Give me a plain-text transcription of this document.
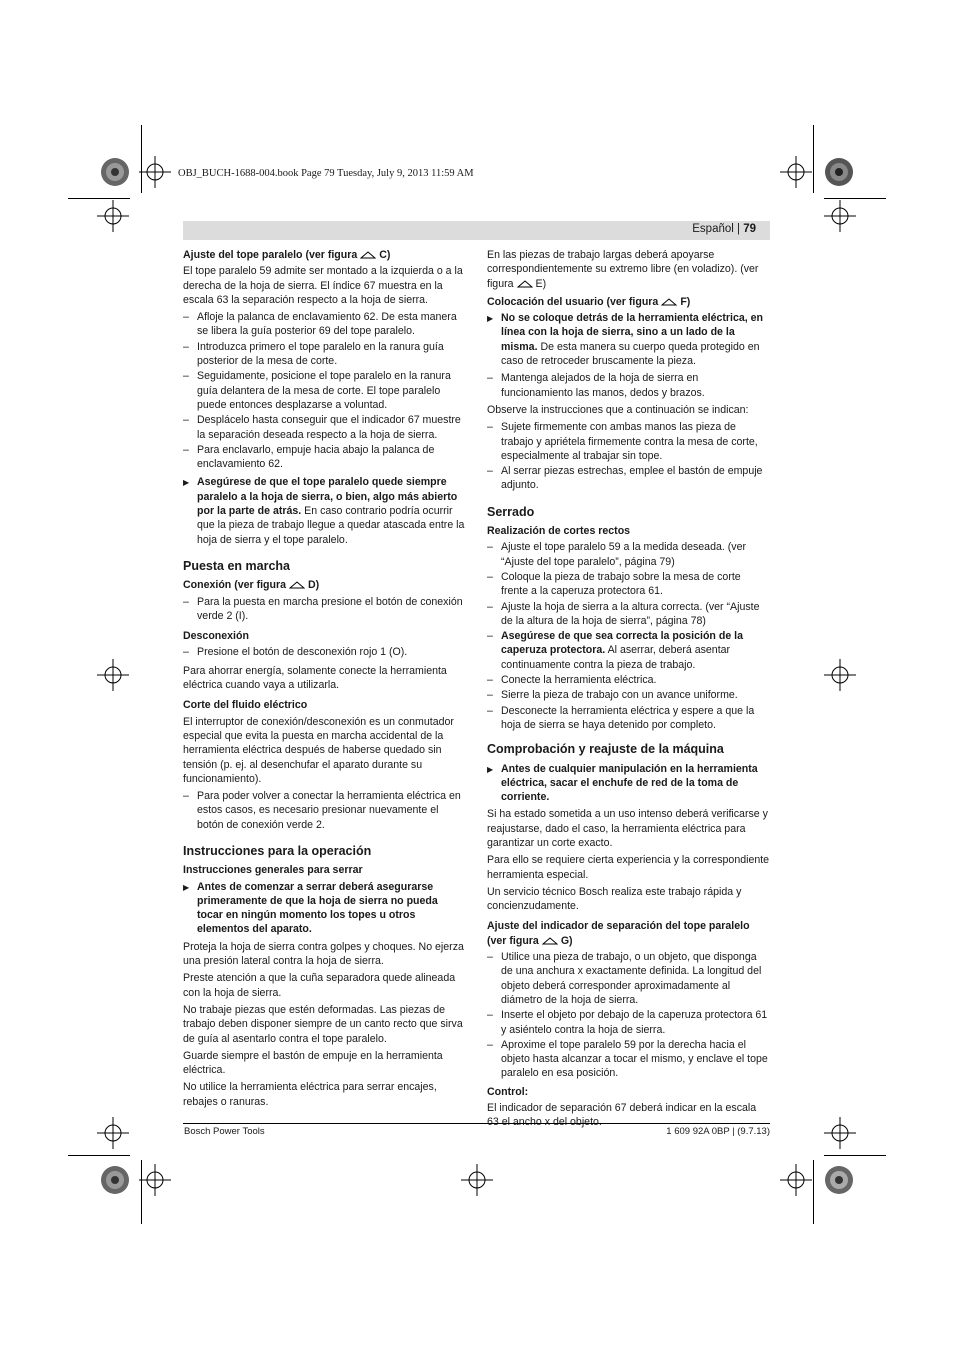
OBJ_BUCH-1688-004.book Page 79 Tuesday, July 9, 2013 11:59 AM
Español | 79
Ajuste del tope paralelo (ver figura C)

El tope paralelo 59 admite ser montado a la izquierda o a la derecha de la hoja de sierra. El índice 67 muestra en la escala 63 la separación respecto a la hoja de sierra.

– Afloje la palanca de enclavamiento 62. De esta manera se libera la guía posterior 69 del tope paralelo.
– Introduzca primero el tope paralelo en la ranura guía posterior de la mesa de corte.
– Seguidamente, posicione el tope paralelo en la ranura guía delantera de la mesa de corte. El tope paralelo puede entonces desplazarse a voluntad.
– Desplácelo hasta conseguir que el indicador 67 muestre la separación deseada respecto a la hoja de sierra.
– Para enclavarlo, empuje hacia abajo la palanca de enclavamiento 62.
▶ Asegúrese de que el tope paralelo quede siempre paralelo a la hoja de sierra, o bien, algo más abierto por la parte de atrás. En caso contrario podría ocurrir que la pieza de trabajo llegue a quedar atascada entre la hoja de sierra y el tope paralelo.
Puesta en marcha
Conexión (ver figura D)
– Para la puesta en marcha presione el botón de conexión verde 2 (I).
Desconexión
– Presione el botón de desconexión rojo 1 (O).

Para ahorrar energía, solamente conecte la herramienta eléctrica cuando vaya a utilizarla.

Corte del fluido eléctrico

El interruptor de conexión/desconexión es un conmutador especial que evita la puesta en marcha accidental de la herramienta eléctrica después de haberse quedado sin tensión (p. ej. al desenchufar el aparato durante su funcionamiento).

– Para poder volver a conectar la herramienta eléctrica en estos casos, es necesario presionar nuevamente el botón de conexión verde 2.
Instrucciones para la operación
Instrucciones generales para serrar
▶ Antes de comenzar a serrar deberá asegurarse primeramente de que la hoja de sierra no pueda tocar en ningún momento los topes u otros elementos del aparato.

Proteja la hoja de sierra contra golpes y choques. No ejerza una presión lateral contra la hoja de sierra.

Preste atención a que la cuña separadora quede alineada con la hoja de sierra.

No trabaje piezas que estén deformadas. Las piezas de trabajo deben disponer siempre de un canto recto que sirva de guía al asentarlo contra el tope paralelo.

Guarde siempre el bastón de empuje en la herramienta eléctrica.

No utilice la herramienta eléctrica para serrar encajes, rebajes o ranuras.

En las piezas de trabajo largas deberá apoyarse correspondientemente su extremo libre (en voladizo). (ver figura E)

Colocación del usuario (ver figura F)
▶ No se coloque detrás de la herramienta eléctrica, en línea con la hoja de sierra, sino a un lado de la misma. De esta manera su cuerpo queda protegido en caso de retroceder bruscamente la pieza.
– Mantenga alejados de la hoja de sierra en funcionamiento las manos, dedos y brazos.

Observe la instrucciones que a continuación se indican:

– Sujete firmemente con ambas manos las pieza de trabajo y apriétela firmemente contra la mesa de corte, especialmente al trabajar sin tope.
– Al serrar piezas estrechas, emplee el bastón de empuje adjunto.
Serrado
Realización de cortes rectos
– Ajuste el tope paralelo 59 a la medida deseada. (ver “Ajuste del tope paralelo”, página 79)
– Coloque la pieza de trabajo sobre la mesa de corte frente a la caperuza protectora 61.
– Ajuste la hoja de sierra a la altura correcta. (ver “Ajuste de la altura de la hoja de sierra”, página 78)
– Asegúrese de que sea correcta la posición de la caperuza protectora. Al aserrar, deberá asentar continuamente contra la pieza de trabajo.
– Conecte la herramienta eléctrica.
– Sierre la pieza de trabajo con un avance uniforme.
– Desconecte la herramienta eléctrica y espere a que la hoja de sierra se haya detenido por completo.
Comprobación y reajuste de la máquina
▶ Antes de cualquier manipulación en la herramienta eléctrica, sacar el enchufe de red de la toma de corriente.

Si ha estado sometida a un uso intenso deberá verificarse y reajustarse, dado el caso, la herramienta eléctrica para garantizar un corte exacto.

Para ello se requiere cierta experiencia y la correspondiente herramienta especial.

Un servicio técnico Bosch realiza este trabajo rápida y concienzudamente.

Ajuste del indicador de separación del tope paralelo (ver figura G)
– Utilice una pieza de trabajo, o un objeto, que disponga de una anchura x exactamente definida. La longitud del objeto deberá corresponder aproximadamente al diámetro de la hoja de sierra.
– Inserte el objeto por debajo de la caperuza protectora 61 y asiéntelo contra la hoja de sierra.
– Aproxime el tope paralelo 59 por la derecha hacia el objeto hasta alcanzar a tocar el mismo, y enclave el tope paralelo en esa posición.
Control:

El indicador de separación 67 deberá indicar en la escala

Bosch Power Tools	1 609 92A 0BP | (9.7.13)
